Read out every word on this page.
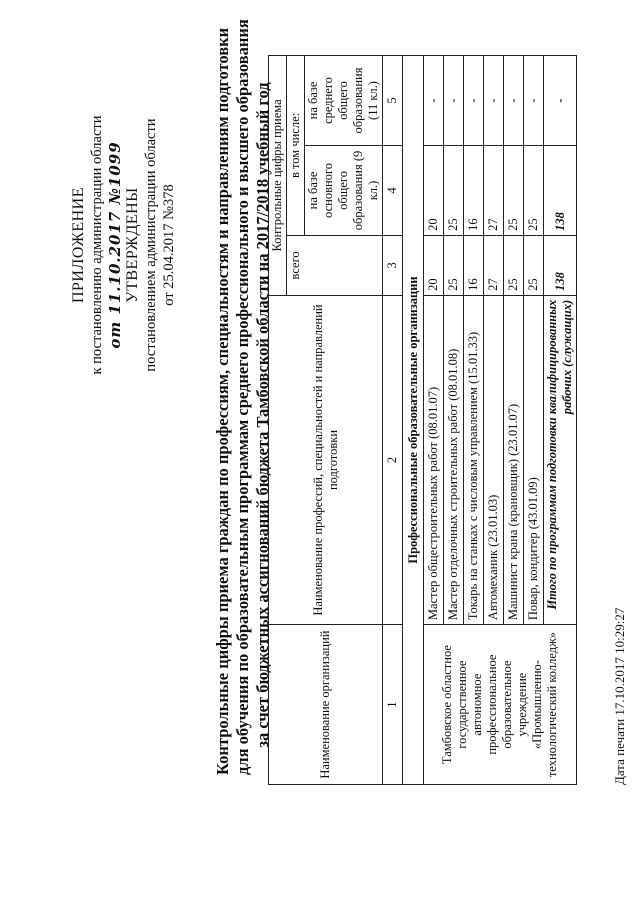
ПРИЛОЖЕНИЕ к постановлению администрации области от 11.10.2017 №1099 УТВЕРЖДЕНЫ постановлением администрации области от 25.04.2017 №378 Контрольные цифры приема граждан по профессиям, специальностям и направлениям подготовки для обучения по образовательным программам среднего профессионального и высшего образования за счет бюджетных ассигнований бюджета Тамбовской области на 2017/2018 учебный год	Наименование организаций	Наименование профессий, специальностей и направлений подготовки	Контрольные цифры приема		
		всего	в том числе:	
			на базе основного общего образования (9 кл.)	на базе среднего общего образования (11 кл.)
1	2	3	4	5
Профессиональные образовательные организации				
Тамбовское областное государственное автономное профессиональное образовательное учреждение «Промышленно-технологический колледж»	Мастер общестроительных работ (08.01.07)	20	20	-
	Мастер отделочных строительных работ (08.01.08)	25	25	-
	Токарь на станках с числовым управлением (15.01.33)	16	16	-
	Автомеханик (23.01.03)	27	27	-
	Машинист крана (крановщик) (23.01.07)	25	25	-
	Повар, кондитер (43.01.09)	25	25	-
	Итого по программам подготовки квалифицированных рабочих (служащих)	138	138	-
Дата печати 17.10.2017 10:29:27
